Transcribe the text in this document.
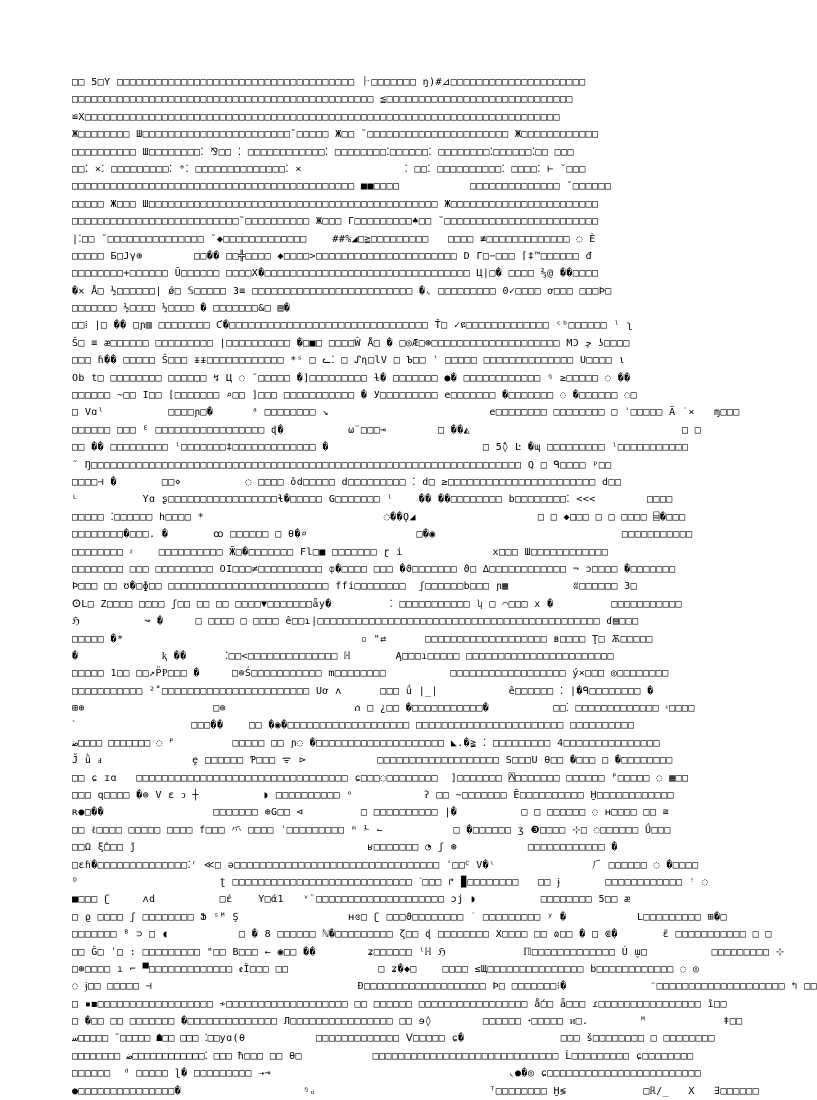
□□ 5□Y □□□□□□□□□□□□□□□□□□□□□□□□□□□□□□□□□□□□□ ⺊□□□□□□□ ŋ)#⊿□□□□□□□□□□□□□□□□□□□□□
□□□□□□□□□□□□□□□□□□□□□□□□□□□□□□□□□□□□□□□□□□□□□□□ ≦□□□□□□□□□□□□□□□□□□□□□□□□□□□□□
≌X□□□□□□□□□□□□□□□□□□□□□□□□□□□□□□□□□□□□□□□□□□□□□□□□□□□□□□□□□□□□□□□□□□□□□□□□□□
Ж□□□□□□□□ Ш□□□□□□□□□□□□□□□□□□□□□□□˘□□□□□ Ж□□ ˘□□□□□□□□□□□□□□□□□□□□□□ Ж□□□□□□□□□□□□
□□□□□□□□□□ Ш□□□□□□□□⁚ ⅋□□ ⁚ □□□□□□□□□□□□⁚ □□□□□□□□⁚□□□□□□⁚ □□□□□□□□⁚□□□□□□⁚□□ □□□
□□⁚ ×⁚ □□□□□□□□□⁚ ᶱ⁚ □□□□□□□□□□□□□□⁚ ×                ⁚ □□⁚ □□□□□□□□□□⁚ □□□□⁚ ⊢ ˘□□□
□□□□□□□□□□□□□□□□□□□□□□□□□□□□□□□□□□□□□□□□□□□□ ■■□□□□           □□□□□□□□□□□□□□ ˘□□□□□□
□□□□□ Ж□□□ Ш□□□□□□□□□□□□□□□□□□□□□□□□□□□□□□□□□□□□□□□□□□□□□ Ж□□□□□□□□□□□□□□□□□□□□□□□
□□□□□□□□□□□□□□□□□□□□□□□□□□˘□□□□□□□□□□ Ж□□□ Г□□□□□□□□□♠□□ ˘□□□□□□□□□□□□□□□□□□□□□□□□
|⁚□□ ˘□□□□□□□□□□□□□□□ ˘◆□□□□□□□□□□□□□    ##%◢□≧□□□□□□□□□   □□□□ ≢□□□□□□□□□□□□□ ◌ È
□□□□□ Б□Jγ⊕        □□�� □□╬□□□□ ◆□□□□>□□□□□□□□□□□□□□□□□□□□□□ D Г□−□□□ ⌈‡™□□□□□□ đ
□□□□□□□□+□□□□□□ Ū□□□□□□ □□□□X�□□□□□□□□□□□□□□□□□□□□□□□□□□□□□□□□ Ц|□� □□□□ ⅔@ ��□□□□
�✕ Å□ ½□□□□□□| ǿ□ 𝕊□□□□□ 3≡ □□□□□□□□□□□□□□□□□□□□□□□□□ �◟ □□□□□□□□□ 0✓□□□□ ơ□□□ □□□Þ□
□□□□□□□ ½□□□□ ½□□□□ � □□□□□□□&□ ▤�
□□⁞ |□ �� □ɲ▥ □□□□□□□□ Ƈ�□□□□□□□□□□□□□□□□□□□□□□□□□□□□□□□ Ť□ ✓ዩ□□□□□□□□□□□□□ ᶜᵇ□□□□□□ ˡ ʅ
Š□ ≡ æ□□□□□□ □□□□□□□□□ |□□□□□□□□□□ �□■□ □□□□Ŵ Å□ � □◎Æ□⊛□□□□□□□□□□□□□□□□□□□□ MƆ ﭼ ʖ□□□□
□□□ ɦ�� □□□□□ Ŝ□□□ ᵻᵻ□□□□□□□□□□□□ *ˢ □ ᓚ⁚ □ ᔑɳ□lV □ Ъ□□ ˈ □□□□□ □□□□□□□□□□□□□□ U□□□□ ⍳
Ob t□ □□□□□□□□ □□□□□□ ↯ Ц ◌ ˜□□□□□ �]□□□□□□□□□ ɫ� □□□□□□□ ●� □□□□□□□□□□□□ ᵑ ≥□□□□□ ◌ ��
□□□□□□ ~□□ I□□ [□□□□□□□ ⌕□□ ]□□□ □□□□□□□□□□□ � У□□□□□□□□□ e□□□□□□□ �□□□□□□□ ◌ �□□□□□□ ◌□
□ Vɑˡ          □□□□ɲ□�      ᵃ □□□□□□□□ ↘                         e□□□□□□□□ □□□□□□□□ □ ˈ□□□□□ Ä ˙×   ɱ□□□
□□□□□□ □□□ ᴱ □□□□□□□□□□□□□□□□□ ɖ�          ω̈ □□□⊸        □ ��◭                                 □ □
□□ �� □□□□□□□□□ ˡ□□□□□□□‡□□□□□□□□□□□□□ �                        □ 5̂◊ Ŀ �ɰ □□□□□□□□□ ˡ□□□□□□□□□□□
˜ Ŋ□□□□□□□□□□□□□□□□□□□□□□□□□□□□□□□□□□□□□□□□□□□□□□□□□□□□□□□□□□□□□□□□□□□ Q □ ᑫ□□□□ ᵖ□□
□□□□⊣ �       □□⋄          ◌ □□□□ ǒd□□□□□ d□□□□□□□□□ ⁚ d□ ≥□□□□□□□□□□□□□□□□□□□□□□□ d□□
ᴸ          Yɑ ʂ□□□□□□□□□□□□□□□□□ɬ�□□□□□ G□□□□□□□ ˡ    �� ��□□□□□□□□ b□□□□□□□□⁚ <<<        □□□□
□□□□□ ⁚□□□□□□ h□□□□ *                            ◌��Ϙ◢                   □ □ ◆□□□ □ □ □□□□ ⌸�□□□
□□□□□□□□�□□□. �       ꝏ □□□□□□ □ θ�⌕                 □�◉                             □□□□□□□□□□□
□□□□□□□□ ᵡ    □□□□□□□□□□ Ӂ□�□□□□□□□ Fl□■ □□□□□□□ ɽ i              x□□□ Ш□□□□□□□□□□□□
□□□□□□□□ □□□ □□□□□□□□□ OI□□□≠□□□□□□□□□□ ȹ�□□□□ □□□ �ϑ□□□□□□□ ϑ□ ∆□□□□□□□□□□□□ ¬ ɔ□□□□ �□□□□□□□
Ϸ□□□ □□ ʊ�□ɸ□□ □□□□□□□□□□□□□□□□□□□□□□□□□ ffi□□□□□□□□  ʃ□□□□□□b□□□ ɲ▦          ʬ□□□□□□ 3□
ⵙL□ Z□□□□ □□□□ ʃ□□ □□ □□ □□□□▼□□□□□□□ǟy�         ⁚ □□□□□□□□□□□ ʮ □ ⌒□□□ x �         □□□□□□□□□□□
ℌ          ↝ �     □ □□□□ □ □□□□ ê□□ɿ|□□□□□□□□□□□□□□□□□□□□□□□□□□□□□□□□□□□□□□□□□□□□ ɗ▤□□□
□□□□□ �*                                     ▫ "⇄      □□□□□□□□□□□□□□□□□□□ ʙ□□□□ Ţ□ Ѫ□□□□□
�             ⱪ ��      ⁚□□<□□□□□□□□□□□□□□ ℍ       Ą□□□ı□□□□□ □□□□□□□□□□□□□□□□□□□□□□□
□□□□□ 1□□ □□↗P̈Ᵽ□□□ �     □⊚Ś□□□□□□□□□□□ m□□□□□□□□          □□□□□□□□□□□□□□□□□□ ý×□□□ ◎□□□□□□□□
□□□□□□□□□□□ ²̊ □□□□□□□□□□□□□□□□□□□□□□□ Uơ ʌ      □□□ ǘ |_|           ê□□□□□□ ⁚ |�ᑫ□□□□□□□□ �
⊞⊕                    □⊚                    ሰ □ ¿□□ �□□□□□□□□□□□�          □□⁚ □□□□□□□□□□□□□ ᶸ□□□□
ˋ                  □□□��    □□ �◉�□□□□□□□□□□□□□□□□□□□ □□□□□□□□□□□□□□□□□□□□□□□ □□□□□□□□□□
ﺿ□□□□ □□□□□□□ ◌ ᴾ         □□□□□ □□ ɲ◌ �□□□□□□□□□□□□□□□□□□□□ ◣.�≩ ⁚ □□□□□□□□□ 4□□□□□□□□□□□□□□□
J̆ ǜ ⅎ              ḙ □□□□□□ Ƥ□□□ ᯤ ⋗           □□□□□□□□□□□□□□□□□□□ S□□□U θ□□ �□□□ □ �□□□□□□□□
□□ ɕ ɪɑ   □□□□□□□□□□□□□□□□□□□□□□□□□□□□□□□□□ ɕ□□□◌□□□□□□□□  ]□□□□□□□ ⍓□□□□□□□ □□□□□□ ᴾ□□□□□ ◌ ▦□□
□□□ q□□□□ �⊚ V ɛ ↄ ┼          ◗ □□□□□□□□□□ ᵒ           ʔ □□ ~□□□□□□□ Ē□□□□□□□□□□ Ḫ□□□□□□□□□□□□
ʀ●□��                 □□□□□□□ ⊕G□□ ⊲         □ □□□□□□□□□□ ∣�          □ □ □□□□□□ ◌ ʜ□□□□ □□ ≅
□□ ℓ□□□□ □□□□□ □□□□ f□□□ ⺤ □□□□ ˈ□□□□□□□□□ ᵐ ⅟ ↼           □ �□□□□□□ ʒ ❸□□□□ ⊹□ ◌□□□□□□ Ǘ□□□
□□Ω ξ̂□□□ ǰ                                    ʁ□□□□□□□ ◔ ʃ ⊛           □□□□□□□□□□□□ �
□ɛɦ�□□□□□□□□□□□□□□⁚ʳ ≪□ ә□□□□□□□□□□□□□□□□□□□□□□□□□□□□□□□□ ˈ□□ꟲ V�ᶥ               ⺁ □□□□□□ ◌ �□□□□
ᴰ                      ʈ □□□□□□□□□□□□□□□□□□□□□□□□□□□□ ˋ□□□ ↱ ▉□□□□□□□□   □□ ɉ       □□□□□□□□□□□□ ꜝ ◌
■□□□ ʗ     ʌd          □ɛ́    Y□ά1   ᵛ̈ □□□□□□□□□□□□□□□□□□□□ ɔj ◗          □□□□□□□□ 5□□ æ
□ ϱ □□□□ ʃ □□□□□□□□ Ֆ ˢᴹ Ş                 ʜɞ□ ʗ □□□ϑ□□□□□□□□ ˙ □□□□□□□□□ ʸ �           L□□□□□□□□□ ⊞�□
□□□□□□□ ᴮ ⊃ □ ◖           □ � 8 □□□□□□ ℕ�□□□□□□□□□ ζ□□ ɖ □□□□□□□□ X□□□□ □□ ɷ□□ � □ ⋐�       ɛ̃ □□□□□□□□□□□ □ □
□□ Ĝ□ ˈ□ : □□□□□□□□□ "□□ B□□□ ← ◉□□ ��        ʑ□□□□□□ ˡℍ ℌ            ℿ□□□□□□□□□□□□□ Ú ɯ̞□          □□□□□□□□□ ⊹
□⊛□□□□ ı ⌐ ▀□□□□□□□□□□□□□ ꬲȈ□□□ □□              □ ʑ�◆□    □□□□ ≤Щ□□□□□□□□□□□□□□□ b□□□□□□□□□□□□ ◌ ◎
◌ ɉ□□ □□□□□ ⊣                                Ð□□□□□□□□□□□□□□□□□□□ Þ□ □□□□□□□⁝�             ᵔ□□□□□□□□□□□□□□□□□□□□ ↰ □□
□ ▪◼□□□□□□□□□□□□□□□□□□ ≁□□□□□□□□□□□□□□□□□□□ □□ □□□□□□ □□□□□□□□□□□□□□□□□ ǻ□□ ǟ□□□ ɾ□□□□□□□□□□□□□□□□ ȉ□□
□ �□□ □□ □□□□□□□ �□□□□□□□□□□□□□□ Л□□□□□□□□□□□□□□□□ □□ ɘ◊        □□□□□□ ꞏ□□□□□ ᴎ□.        ᴹ            ǂ□□
ﺳ□□□□□ ˜□□□□□ ☗□□ □□□ ⁚□□yɑ(θ           □□□□□□□□□□□□□ ᐯ□□□□□ ɕ�               □□□ š□□□□□□□□ □ □□□□□□□□
□□□□□□□□ ﺿ□□□□□□□□□□□□⁚ □□□ ħ□□□ □□ θ□           □□□□□□□□□□□□□□□□□□□□□□□□□□□□□ Ĺ□□□□□□□□□ ɕ□□□□□□□□
□□□□□□  ᵈ □□□□□ ɭ� □□□□□□□□□ ⇢⊸                                     ◟●�◎ ɕ□□□□□□□□□□□□□□□□□□□□□□□□
●□□□□□□□□□□□□□□□�                   ᵑᵤ                           ᵀ□□□□□□□□ Ḫ≶            □ℝ/_   X   ∃□□□□□□
